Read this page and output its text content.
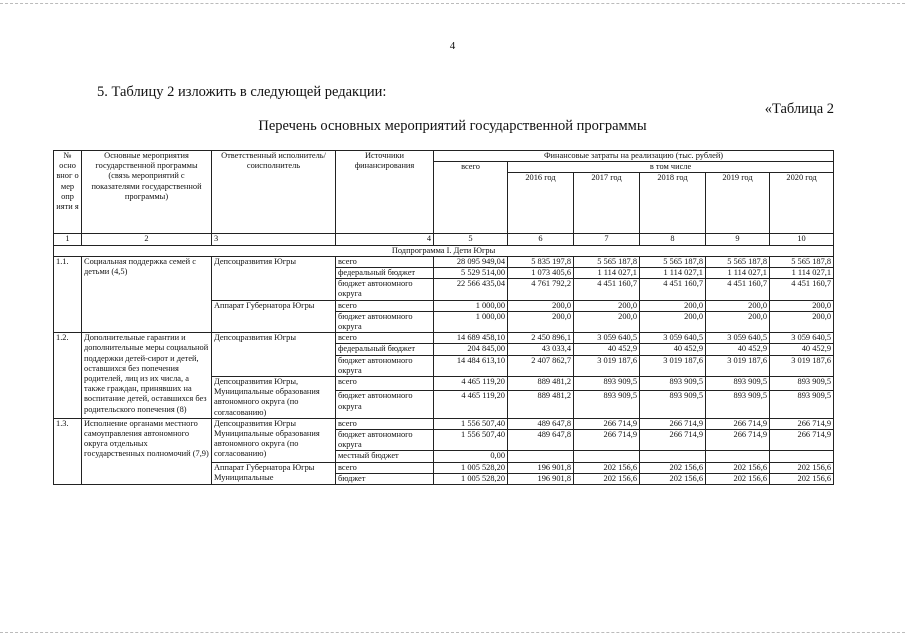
4
5. Таблицу 2 изложить в следующей редакции:
«Таблица 2
Перечень основных мероприятий государственной программы
№ осно вног о мер опр ияти я	Основные мероприятия государственной программы (связь мероприятий с показателями государственной программы)	Ответственный исполнитель/ соисполнитель	Источники финансирования	Финансовые затраты на реализацию (тыс. рублей)					
				всего	в том числе				
					2016 год	2017 год	2018 год	2019 год	2020 год
1	2	3	4	5	6	7	8	9	10
Подпрограмма I. Дети Югры									
1.1.	Социальная поддержка семей с детьми (4,5)	Депсоцразвития Югры	всего	28 095 949,04	5 835 197,8	5 565 187,8	5 565 187,8	5 565 187,8	5 565 187,8
			федеральный бюджет	5 529 514,00	1 073 405,6	1 114 027,1	1 114 027,1	1 114 027,1	1 114 027,1
			бюджет автономного округа	22 566 435,04	4 761 792,2	4 451 160,7	4 451 160,7	4 451 160,7	4 451 160,7
		Аппарат Губернатора Югры	всего	1 000,00	200,0	200,0	200,0	200,0	200,0
			бюджет автономного округа	1 000,00	200,0	200,0	200,0	200,0	200,0
1.2.	Дополнительные гарантии и дополнительные меры социальной поддержки детей-сирот и детей, оставшихся без попечения родителей, лиц из их числа, а также граждан, принявших на воспитание детей, оставшихся без родительского попечения (8)	Депсоцразвития Югры	всего	14 689 458,10	2 450 896,1	3 059 640,5	3 059 640,5	3 059 640,5	3 059 640,5
			федеральный бюджет	204 845,00	43 033,4	40 452,9	40 452,9	40 452,9	40 452,9
			бюджет автономного округа	14 484 613,10	2 407 862,7	3 019 187,6	3 019 187,6	3 019 187,6	3 019 187,6
		Депсоцразвития Югры, Муниципальные образования автономного округа (по согласованию)	всего	4 465 119,20	889 481,2	893 909,5	893 909,5	893 909,5	893 909,5
			бюджет автономного округа	4 465 119,20	889 481,2	893 909,5	893 909,5	893 909,5	893 909,5
1.3.	Исполнение органами местного самоуправления автономного округа отдельных государственных полномочий (7,9)	Депсоцразвития Югры Муниципальные образования автономного округа (по согласованию)	всего	1 556 507,40	489 647,8	266 714,9	266 714,9	266 714,9	266 714,9
			бюджет автономного округа	1 556 507,40	489 647,8	266 714,9	266 714,9	266 714,9	266 714,9
			местный бюджет	0,00					
		Аппарат Губернатора Югры Муниципальные	всего	1 005 528,20	196 901,8	202 156,6	202 156,6	202 156,6	202 156,6
			бюджет	1 005 528,20	196 901,8	202 156,6	202 156,6	202 156,6	202 156,6
